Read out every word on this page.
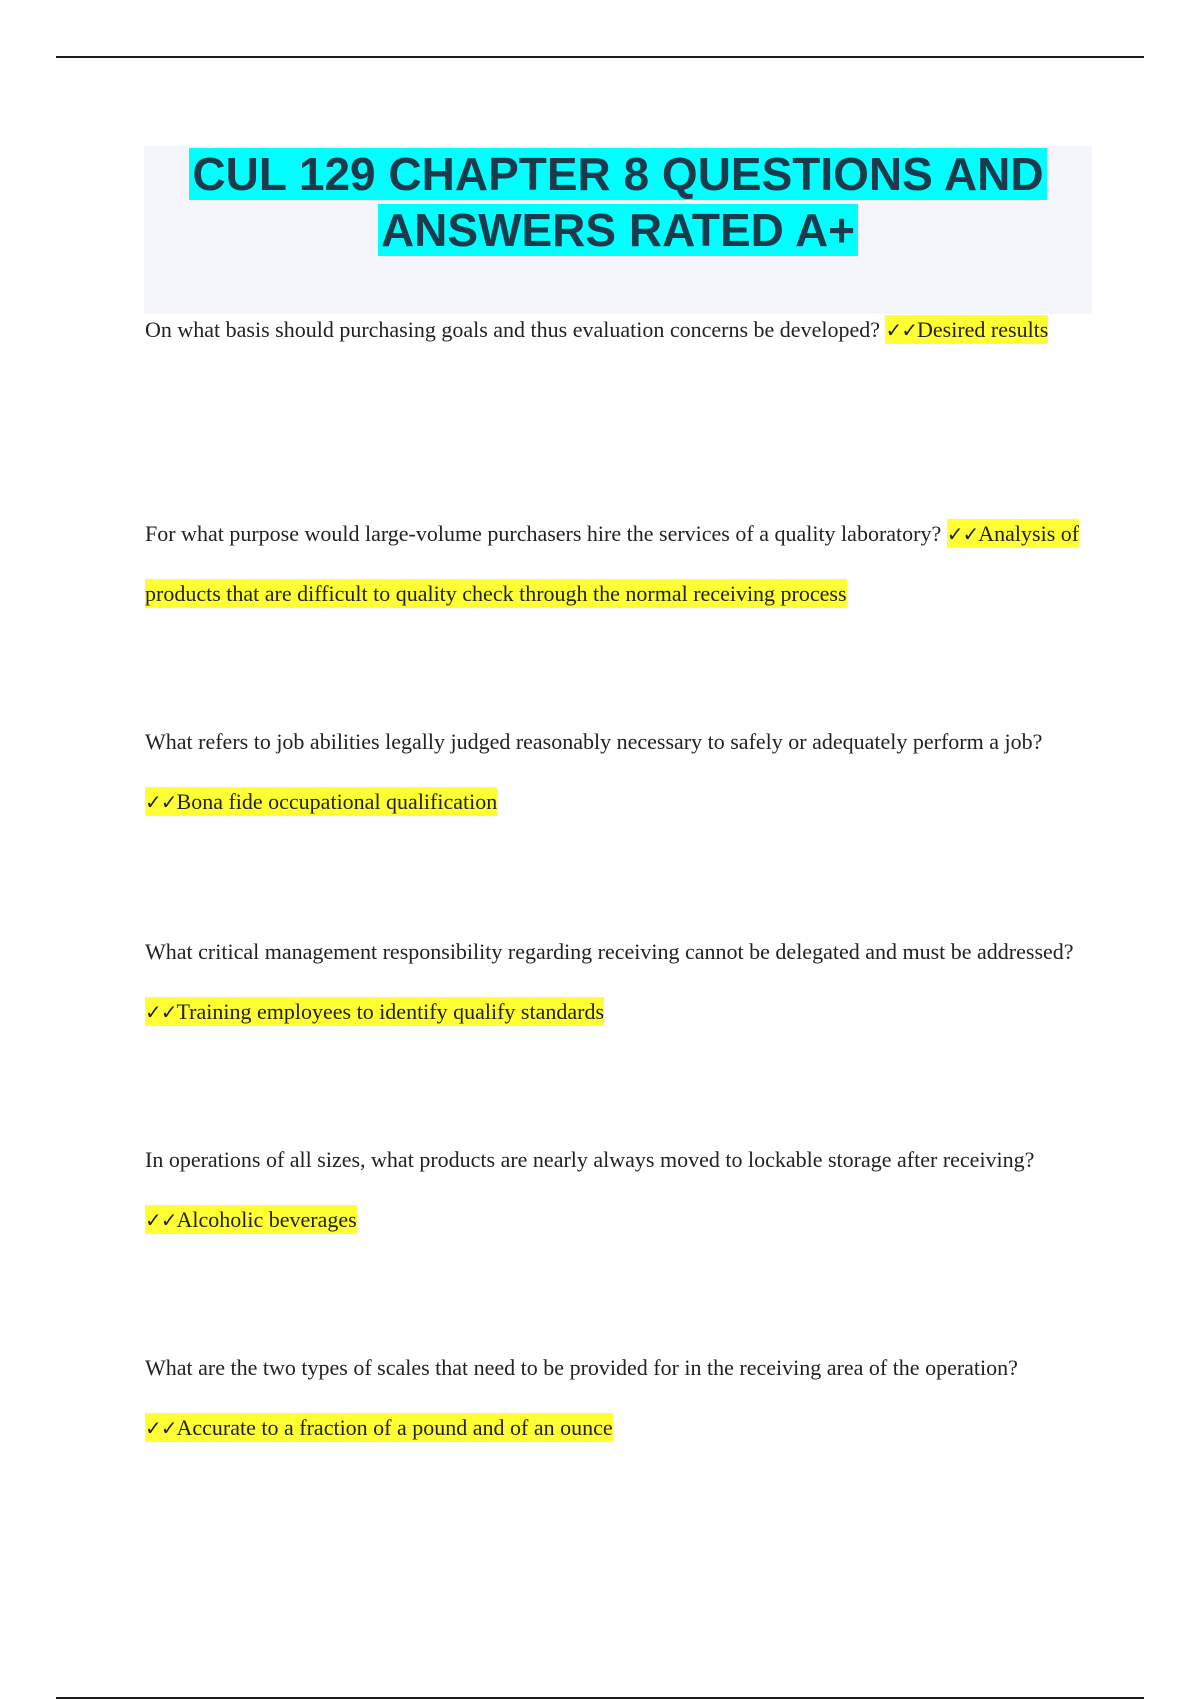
CUL 129 CHAPTER 8 QUESTIONS AND
ANSWERS RATED A+

On what basis should purchasing goals and thus evaluation concerns be developed? ✓✓Desired results

For what purpose would large-volume purchasers hire the services of a quality laboratory? ✓✓Analysis of products that are difficult to quality check through the normal receiving process

What refers to job abilities legally judged reasonably necessary to safely or adequately perform a job? ✓✓Bona fide occupational qualification

What critical management responsibility regarding receiving cannot be delegated and must be addressed? ✓✓Training employees to identify qualify standards

In operations of all sizes, what products are nearly always moved to lockable storage after receiving? ✓✓Alcoholic beverages

What are the two types of scales that need to be provided for in the receiving area of the operation? ✓✓Accurate to a fraction of a pound and of an ounce
